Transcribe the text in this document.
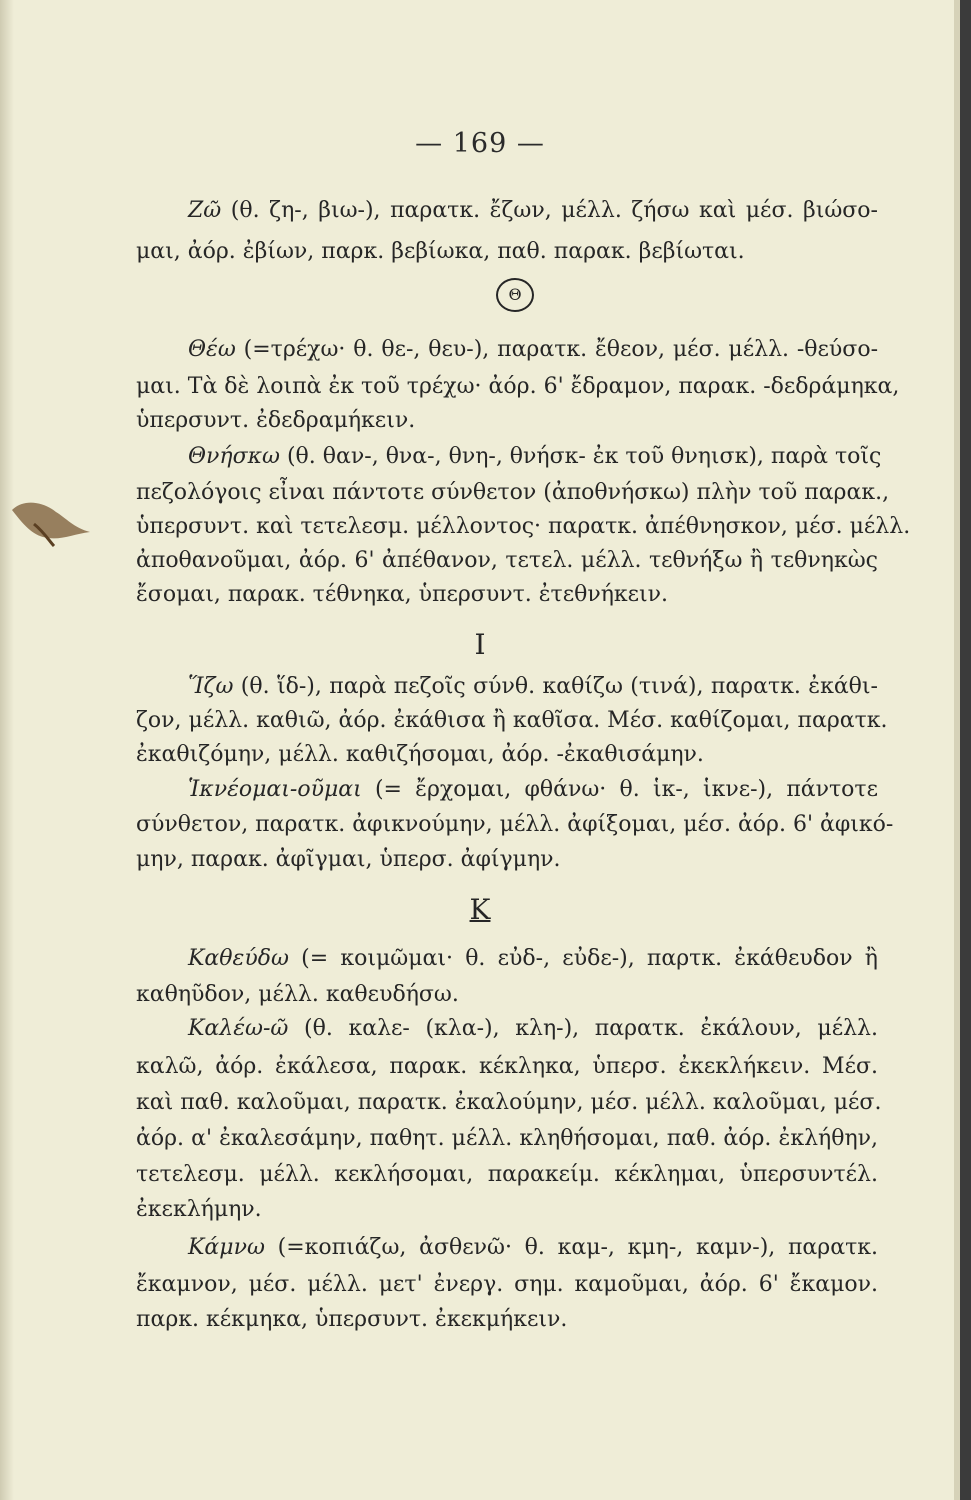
— 169 —
Ζῶ (θ. ζη-, βιω-), παρατκ. ἔζων, μέλλ. ζήσω καὶ μέσ. βιώσο-
μαι, ἀόρ. ἐβίων, παρκ. βεβίωκα, παθ. παρακ. βεβίωται.
Θ
Θέω (=τρέχω· θ. θε-, θευ-), παρατκ. ἔθεον, μέσ. μέλλ. -θεύσο-
μαι. Τὰ δὲ λοιπὰ ἐκ τοῦ τρέχω· ἀόρ. 6' ἔδραμον, παρακ. -δεδράμηκα,
ὑπερσυντ. ἐδεδραμήκειν.
Θνήσκω (θ. θαν-, θνα-, θνη-, θνήσκ- ἐκ τοῦ θνηισκ), παρὰ τοῖς
πεζολόγοις εἶναι πάντοτε σύνθετον (ἀποθνήσκω) πλὴν τοῦ παρακ.,
ὑπερσυντ. καὶ τετελεσμ. μέλλοντος· παρατκ. ἀπέθνησκον, μέσ. μέλλ.
ἀποθανοῦμαι, ἀόρ. 6' ἀπέθανον, τετελ. μέλλ. τεθνήξω ἢ τεθνηκὼς
ἔσομαι, παρακ. τέθνηκα, ὑπερσυντ. ἐτεθνήκειν.
Ι
Ἵζω (θ. ἵδ-), παρὰ πεζοῖς σύνθ. καθίζω (τινά), παρατκ. ἐκάθι-
ζον, μέλλ. καθιῶ, ἀόρ. ἐκάθισα ἢ καθῖσα. Μέσ. καθίζομαι, παρατκ.
ἐκαθιζόμην, μέλλ. καθιζήσομαι, ἀόρ. -ἐκαθισάμην.
Ἱκνέομαι-οῦμαι (= ἔρχομαι, φθάνω· θ. ἱκ-, ἱκνε-), πάντοτε
σύνθετον, παρατκ. ἀφικνούμην, μέλλ. ἀφίξομαι, μέσ. ἀόρ. 6' ἀφικό-
μην, παρακ. ἀφῖγμαι, ὑπερσ. ἀφίγμην.
Κ
Καθεύδω (= κοιμῶμαι· θ. εὐδ-, εὐδε-), παρτκ. ἐκάθευδον ἢ
καθηῦδον, μέλλ. καθευδήσω.
Καλέω-ῶ (θ. καλε- (κλα-), κλη-), παρατκ. ἐκάλουν, μέλλ.
καλῶ, ἀόρ. ἐκάλεσα, παρακ. κέκληκα, ὑπερσ. ἐκεκλήκειν. Μέσ.
καὶ παθ. καλοῦμαι, παρατκ. ἐκαλούμην, μέσ. μέλλ. καλοῦμαι, μέσ.
ἀόρ. α' ἐκαλεσάμην, παθητ. μέλλ. κληθήσομαι, παθ. ἀόρ. ἐκλήθην,
τετελεσμ. μέλλ. κεκλήσομαι, παρακείμ. κέκλημαι, ὑπερσυντέλ.
ἐκεκλήμην.
Κάμνω (=κοπιάζω, ἀσθενῶ· θ. καμ-, κμη-, καμν-), παρατκ.
ἔκαμνον, μέσ. μέλλ. μετ' ἐνεργ. σημ. καμοῦμαι, ἀόρ. 6' ἔκαμον.
παρκ. κέκμηκα, ὑπερσυντ. ἐκεκμήκειν.
